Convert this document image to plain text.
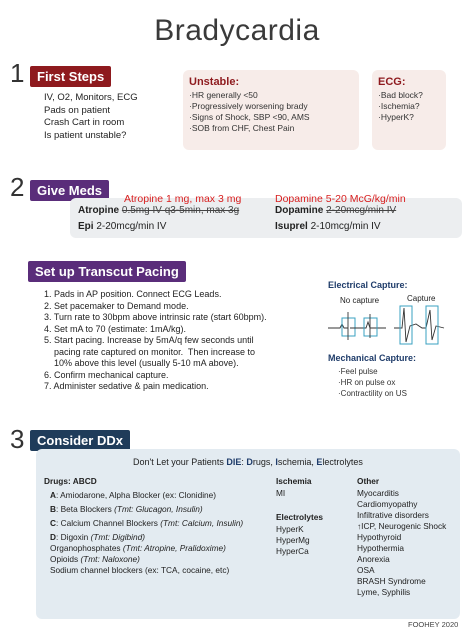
Bradycardia
1 First Steps
IV, O2, Monitors, ECG
Pads on patient
Crash Cart in room
Is patient unstable?
Unstable:
·HR generally <50
·Progressively worsening brady
·Signs of Shock, SBP <90, AMS
·SOB from CHF, Chest Pain
ECG:
·Bad block?
·Ischemia?
·HyperK?
2 Give Meds
Atropine 1 mg, max 3 mg
Atropine 0.5mg IV q3-5min, max 3g
Epi 2-20mcg/min IV
Dopamine 5-20 McG/kg/min
Dopamine 2-20mcg/min IV
Isuprel 2-10mcg/min IV
Set up Transcut Pacing
1. Pads in AP position. Connect ECG Leads.
2. Set pacemaker to Demand mode.
3. Turn rate to 30bpm above intrinsic rate (start 60bpm).
4. Set mA to 70 (estimate: 1mA/kg).
5. Start pacing. Increase by 5mA/q few seconds until
pacing rate captured on monitor.  Then increase to
10% above this level (usually 5-10 mA above).
6. Confirm mechanical capture.
7. Administer sedative & pain medication.
Electrical Capture:
No capture	Capture
Mechanical Capture:
·Feel pulse
·HR on pulse ox
·Contractility on US
3 Consider DDx
Don't Let your Patients DIE: Drugs, Ischemia, Electrolytes
Drugs: ABCD
A: Amiodarone, Alpha Blocker (ex: Clonidine)
B: Beta Blockers (Tmt: Glucagon, Insulin)
C: Calcium Channel Blockers (Tmt: Calcium, Insulin)
D: Digoxin (Tmt: Digibind)
Organophosphates (Tmt: Atropine, Pralidoxime)
Opioids (Tmt: Naloxone)
Sodium channel blockers (ex: TCA, cocaine, etc)
Ischemia
MI
Electrolytes
HyperK
HyperMg
HyperCa
Other
Myocarditis
Cardiomyopathy
Infiltrative disorders
↑ICP, Neurogenic Shock
Hypothyroid
Hypothermia
Anorexia
OSA
BRASH Syndrome
Lyme, Syphilis
FOOHEY 2020
